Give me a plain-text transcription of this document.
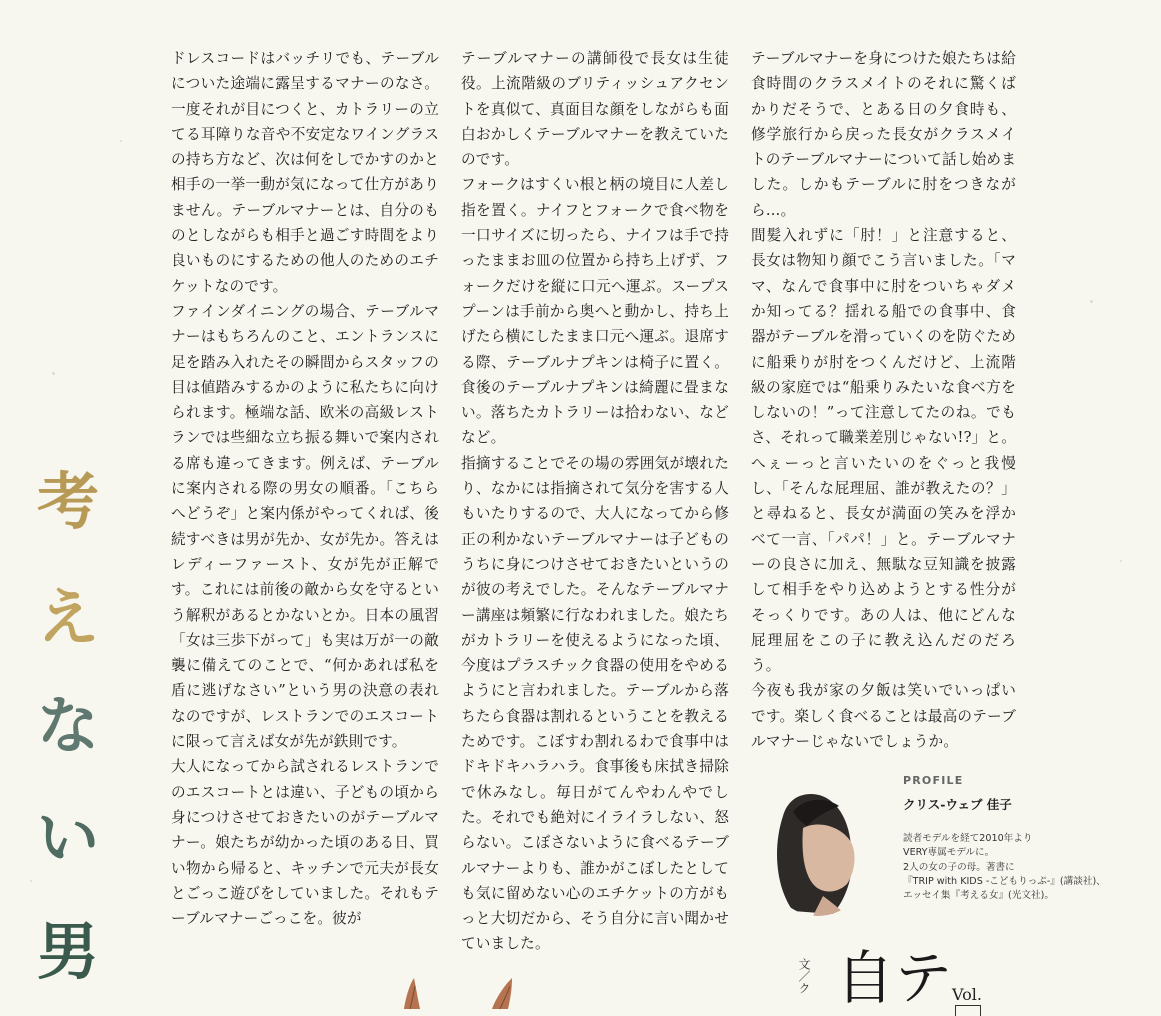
考
え
な
い
男

ドレスコードはバッチリでも、テーブルについた途端に露呈するマナーのなさ。一度それが目につくと、カトラリーの立てる耳障りな音や不安定なワイングラスの持ち方など、次は何をしでかすのかと相手の一挙一動が気になって仕方がありません。テーブルマナーとは、自分のものとしながらも相手と過ごす時間をより良いものにするための他人のためのエチケットなのです。

ファインダイニングの場合、テーブルマナーはもちろんのこと、エントランスに足を踏み入れたその瞬間からスタッフの目は値踏みするかのように私たちに向けられます。極端な話、欧米の高級レストランでは些細な立ち振る舞いで案内される席も違ってきます。例えば、テーブルに案内される際の男女の順番。「こちらへどうぞ」と案内係がやってくれば、後続すべきは男が先か、女が先か。答えはレディーファースト、女が先が正解です。これには前後の敵から女を守るという解釈があるとかないとか。日本の風習「女は三歩下がって」も実は万が一の敵襲に備えてのことで、“何かあれば私を盾に逃げなさい”という男の決意の表れなのですが、レストランでのエスコートに限って言えば女が先が鉄則です。

大人になってから試されるレストランでのエスコートとは違い、子どもの頃から身につけさせておきたいのがテーブルマナー。娘たちが幼かった頃のある日、買い物から帰ると、キッチンで元夫が長女とごっこ遊びをしていました。それもテーブルマナーごっこを。彼が

テーブルマナーの講師役で長女は生徒役。上流階級のブリティッシュアクセントを真似て、真面目な顔をしながらも面白おかしくテーブルマナーを教えていたのです。

フォークはすくい根と柄の境目に人差し指を置く。ナイフとフォークで食べ物を一口サイズに切ったら、ナイフは手で持ったままお皿の位置から持ち上げず、フォークだけを縦に口元へ運ぶ。スープスプーンは手前から奥へと動かし、持ち上げたら横にしたまま口元へ運ぶ。退席する際、テーブルナプキンは椅子に置く。食後のテーブルナプキンは綺麗に畳まない。落ちたカトラリーは拾わない、などなど。

指摘することでその場の雰囲気が壊れたり、なかには指摘されて気分を害する人もいたりするので、大人になってから修正の利かないテーブルマナーは子どものうちに身につけさせておきたいというのが彼の考えでした。そんなテーブルマナー講座は頻繁に行なわれました。娘たちがカトラリーを使えるようになった頃、今度はプラスチック食器の使用をやめるようにと言われました。テーブルから落ちたら食器は割れるということを教えるためです。こぼすわ割れるわで食事中はドキドキハラハラ。食事後も床拭き掃除で休みなし。毎日がてんやわんやでした。それでも絶対にイライラしない、怒らない。こぼさないように食べるテーブルマナーよりも、誰かがこぼしたとしても気に留めない心のエチケットの方がもっと大切だから、そう自分に言い聞かせていました。

テーブルマナーを身につけた娘たちは給食時間のクラスメイトのそれに驚くばかりだそうで、とある日の夕食時も、修学旅行から戻った長女がクラスメイトのテーブルマナーについて話し始めました。しかもテーブルに肘をつきながら…。

間髪入れずに「肘！」と注意すると、長女は物知り顔でこう言いました。「ママ、なんで食事中に肘をついちゃダメか知ってる？揺れる船での食事中、食器がテーブルを滑っていくのを防ぐために船乗りが肘をつくんだけど、上流階級の家庭では“船乗りみたいな食べ方をしないの！”って注意してたのね。でもさ、それって職業差別じゃない!?」と。へぇーっと言いたいのをぐっと我慢し、「そんな屁理屈、誰が教えたの？」と尋ねると、長女が満面の笑みを浮かべて一言、「パパ！」と。テーブルマナーの良さに加え、無駄な豆知識を披露して相手をやり込めようとする性分がそっくりです。あの人は、他にどんな屁理屈をこの子に教え込んだのだろう。

今夜も我が家の夕飯は笑いでいっぱいです。楽しく食べることは最高のテーブルマナーじゃないでしょうか。

PROFILE
クリス-ウェブ 佳子
読者モデルを経て2010年より
VERY専属モデルに。
2人の女の子の母。著書に
『TRIP with KIDS -こどもりっぷ-』(講談社)、
エッセイ集『考える女』(光文社)。
文／ク 自テ Vol.
